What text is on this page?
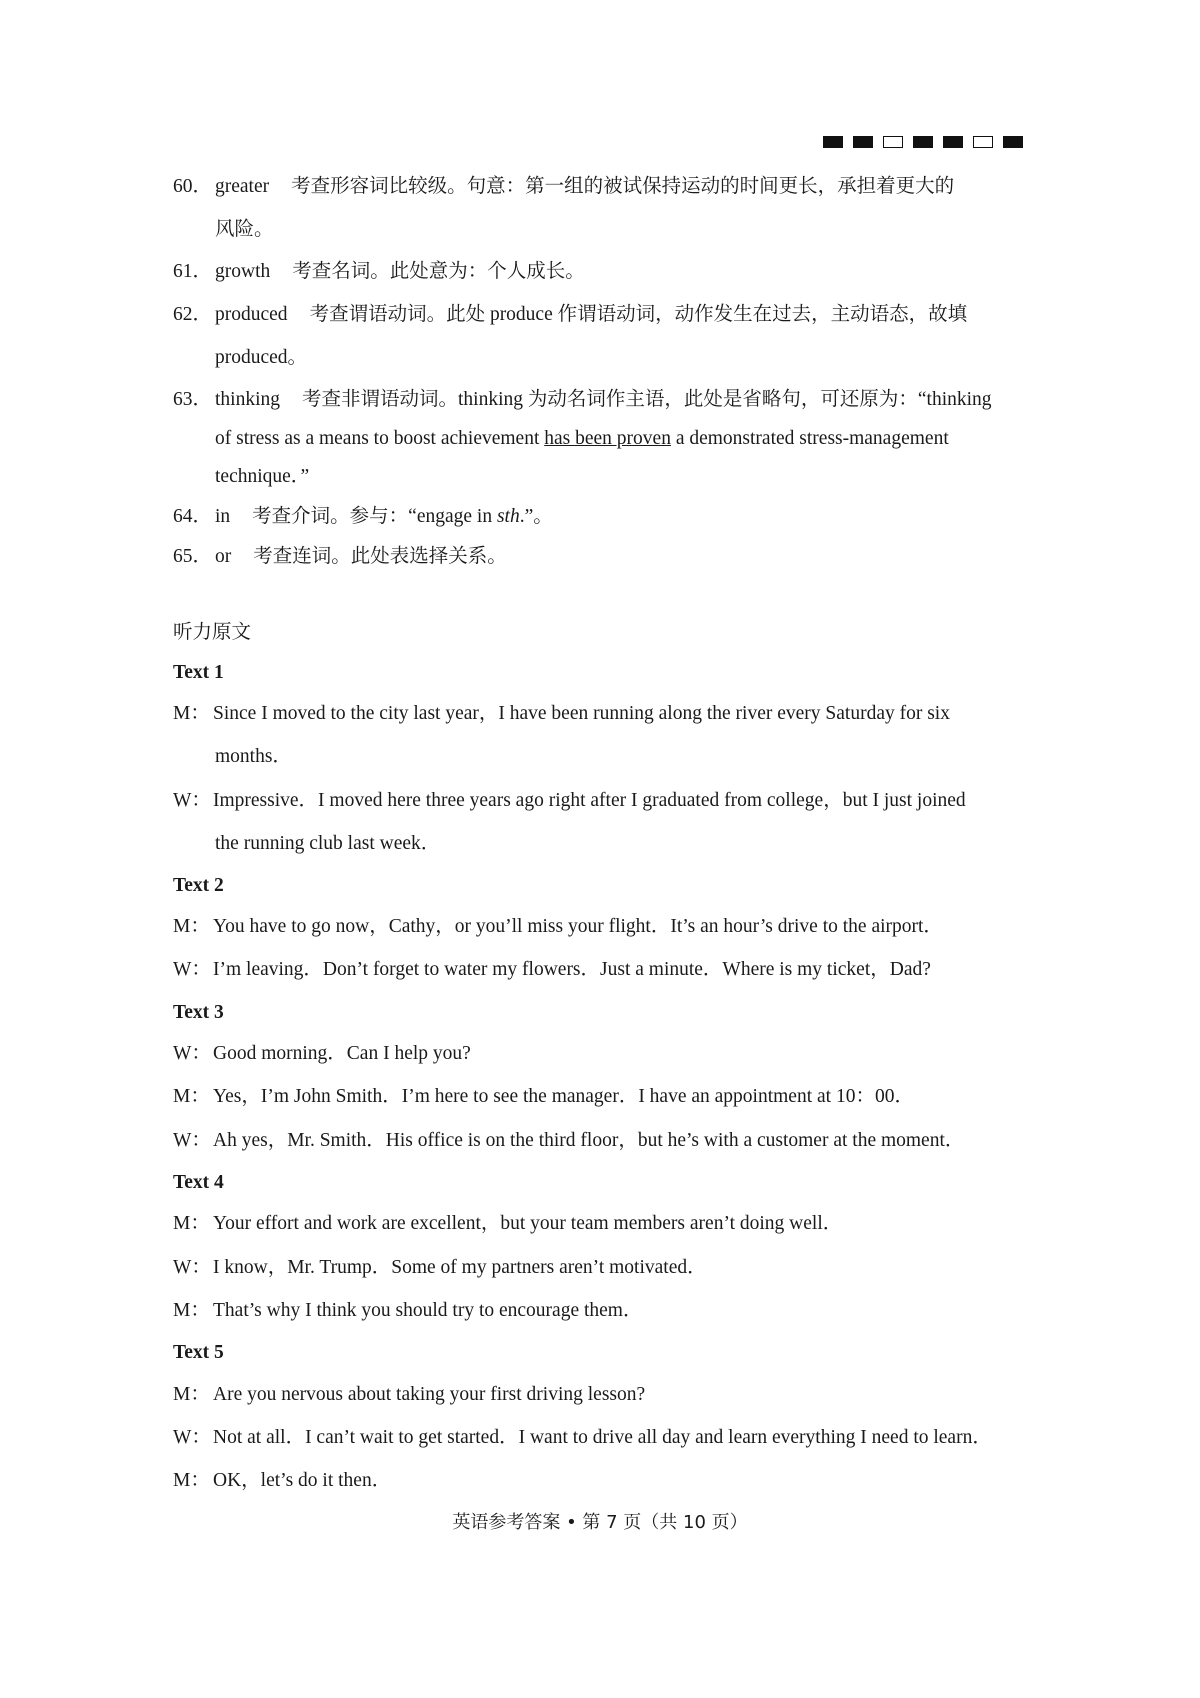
60． greater 考查形容词比较级。句意：第一组的被试保持运动的时间更长，承担着更大的
风险。
61． growth 考查名词。此处意为：个人成长。
62． produced 考查谓语动词。此处 produce 作谓语动词，动作发生在过去，主动语态，故填
produced。
63． thinking 考查非谓语动词。thinking 为动名词作主语，此处是省略句，可还原为：“thinking
of stress as a means to boost achievement has been proven a demonstrated stress-management
technique．”
64． in 考查介词。参与：“engage in sth.”。
65． or 考查连词。此处表选择关系。
听力原文
Text 1
M： Since I moved to the city last year，I have been running along the river every Saturday for six
months．
W： Impressive．I moved here three years ago right after I graduated from college，but I just joined
the running club last week．
Text 2
M： You have to go now，Cathy，or you’ll miss your flight．It’s an hour’s drive to the airport．
W： I’m leaving．Don’t forget to water my flowers．Just a minute．Where is my ticket，Dad?
Text 3
W： Good morning．Can I help you?
M： Yes，I’m John Smith．I’m here to see the manager．I have an appointment at 10：00．
W： Ah yes，Mr. Smith．His office is on the third floor，but he’s with a customer at the moment．
Text 4
M： Your effort and work are excellent，but your team members aren’t doing well．
W： I know，Mr. Trump．Some of my partners aren’t motivated．
M： That’s why I think you should try to encourage them．
Text 5
M： Are you nervous about taking your first driving lesson?
W： Not at all．I can’t wait to get started．I want to drive all day and learn everything I need to learn．
M： OK，let’s do it then．
英语参考答案 • 第 7 页（共 10 页）
